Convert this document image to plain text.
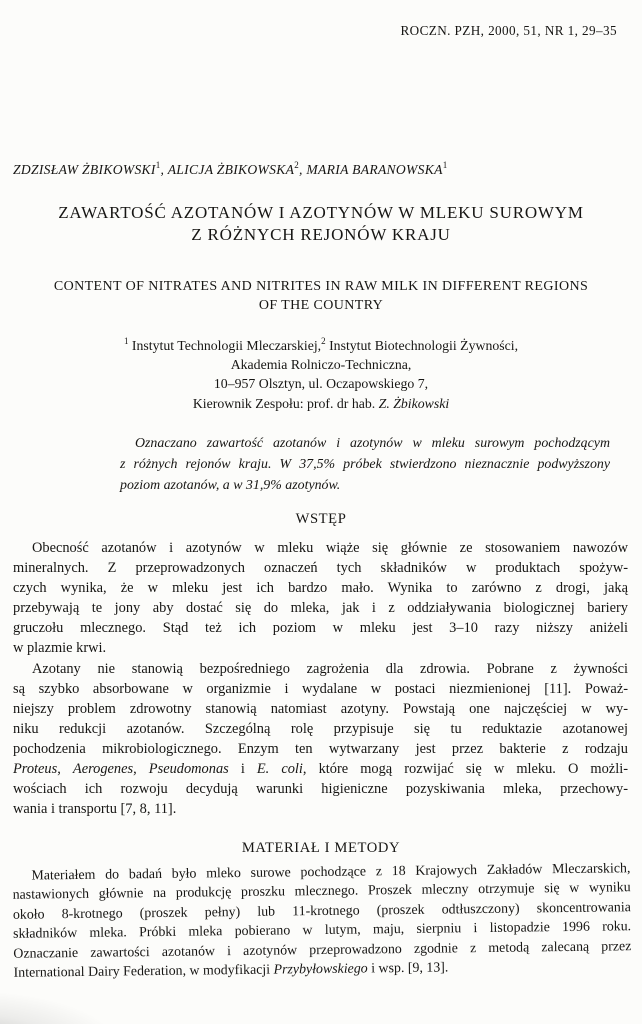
ROCZN. PZH, 2000, 51, NR 1, 29–35
ZDZISŁAW ŻBIKOWSKI$^1$, ALICJA ŻBIKOWSKA$^2$, MARIA BARANOWSKA$^1$
ZAWARTOŚĆ AZOTANÓW I AZOTYNÓW W MLEKU SUROWYM
Z RÓŻNYCH REJONÓW KRAJU
CONTENT OF NITRATES AND NITRITES IN RAW MILK IN DIFFERENT REGIONS
OF THE COUNTRY
$^1$ Instytut Technologii Mleczarskiej,$^2$ Instytut Biotechnologii Żywności,
Akademia Rolniczo-Techniczna,
10–957 Olsztyn, ul. Oczapowskiego 7,
Kierownik Zespołu: prof. dr hab. Z. Żbikowski
Oznaczano zawartość azotanów i azotynów w mleku surowym pochodzącym
z różnych rejonów kraju. W 37,5% próbek stwierdzono nieznacznie podwyższony
poziom azotanów, a w 31,9% azotynów.
WSTĘP
Obecność azotanów i azotynów w mleku wiąże się głównie ze stosowaniem nawozów
mineralnych. Z przeprowadzonych oznaczeń tych składników w produktach spożyw-
czych wynika, że w mleku jest ich bardzo mało. Wynika to zarówno z drogi, jaką
przebywają te jony aby dostać się do mleka, jak i z oddziaływania biologicznej bariery
gruczołu mlecznego. Stąd też ich poziom w mleku jest 3–10 razy niższy aniżeli
w plazmie krwi.
Azotany nie stanowią bezpośredniego zagrożenia dla zdrowia. Pobrane z żywności
są szybko absorbowane w organizmie i wydalane w postaci niezmienionej [11]. Poważ-
niejszy problem zdrowotny stanowią natomiast azotyny. Powstają one najczęściej w wy-
niku redukcji azotanów. Szczególną rolę przypisuje się tu reduktazie azotanowej
pochodzenia mikrobiologicznego. Enzym ten wytwarzany jest przez bakterie z rodzaju
Proteus, Aerogenes, Pseudomonas i E. coli, które mogą rozwijać się w mleku. O możli-
wościach ich rozwoju decydują warunki higieniczne pozyskiwania mleka, przechowy-
wania i transportu [7, 8, 11].
MATERIAŁ I METODY
Materiałem do badań było mleko surowe pochodzące z 18 Krajowych Zakładów Mleczarskich,
nastawionych głównie na produkcję proszku mlecznego. Proszek mleczny otrzymuje się w wyniku
około 8-krotnego (proszek pełny) lub 11-krotnego (proszek odtłuszczony) skoncentrowania
składników mleka. Próbki mleka pobierano w lutym, maju, sierpniu i listopadzie 1996 roku.
Oznaczanie zawartości azotanów i azotynów przeprowadzono zgodnie z metodą zalecaną przez
International Dairy Federation, w modyfikacji Przybyłowskiego i wsp. [9, 13].
